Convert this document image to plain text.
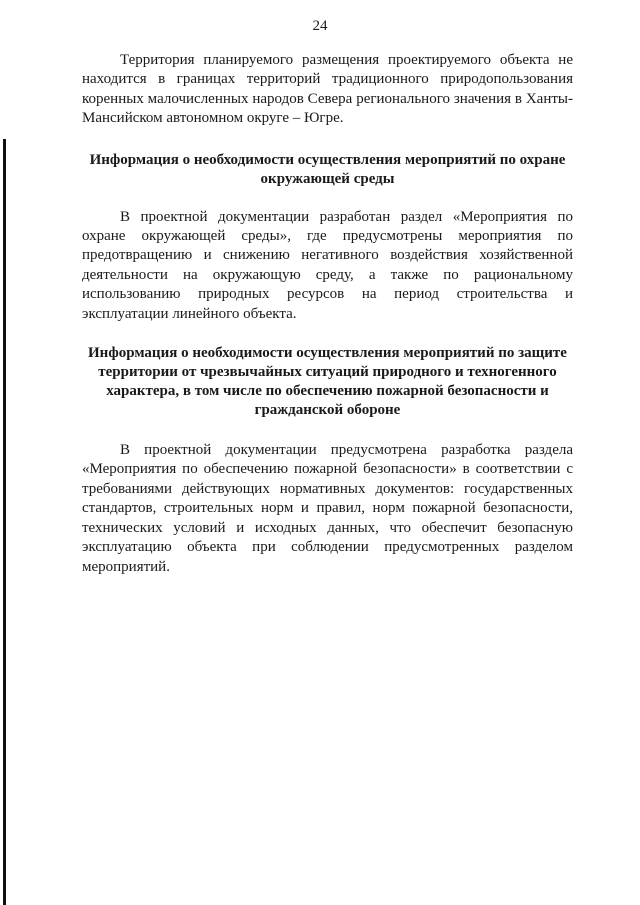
24

Территория планируемого размещения проектируемого объекта не находится в границах территорий традиционного природопользования коренных малочисленных народов Севера регионального значения в Ханты-Мансийском автономном округе – Югре.

Информация о необходимости осуществления мероприятий по охране окружающей среды

В проектной документации разработан раздел «Мероприятия по охране окружающей среды», где предусмотрены мероприятия по предотвращению и снижению негативного воздействия хозяйственной деятельности на окружающую среду, а также по рациональному использованию природных ресурсов на период строительства и эксплуатации линейного объекта.

Информация о необходимости осуществления мероприятий по защите территории от чрезвычайных ситуаций природного и техногенного характера, в том числе по обеспечению пожарной безопасности и гражданской обороне

В проектной документации предусмотрена разработка раздела «Мероприятия по обеспечению пожарной безопасности» в соответствии с требованиями действующих нормативных документов: государственных стандартов, строительных норм и правил, норм пожарной безопасности, технических условий и исходных данных, что обеспечит безопасную эксплуатацию объекта при соблюдении предусмотренных разделом мероприятий.
